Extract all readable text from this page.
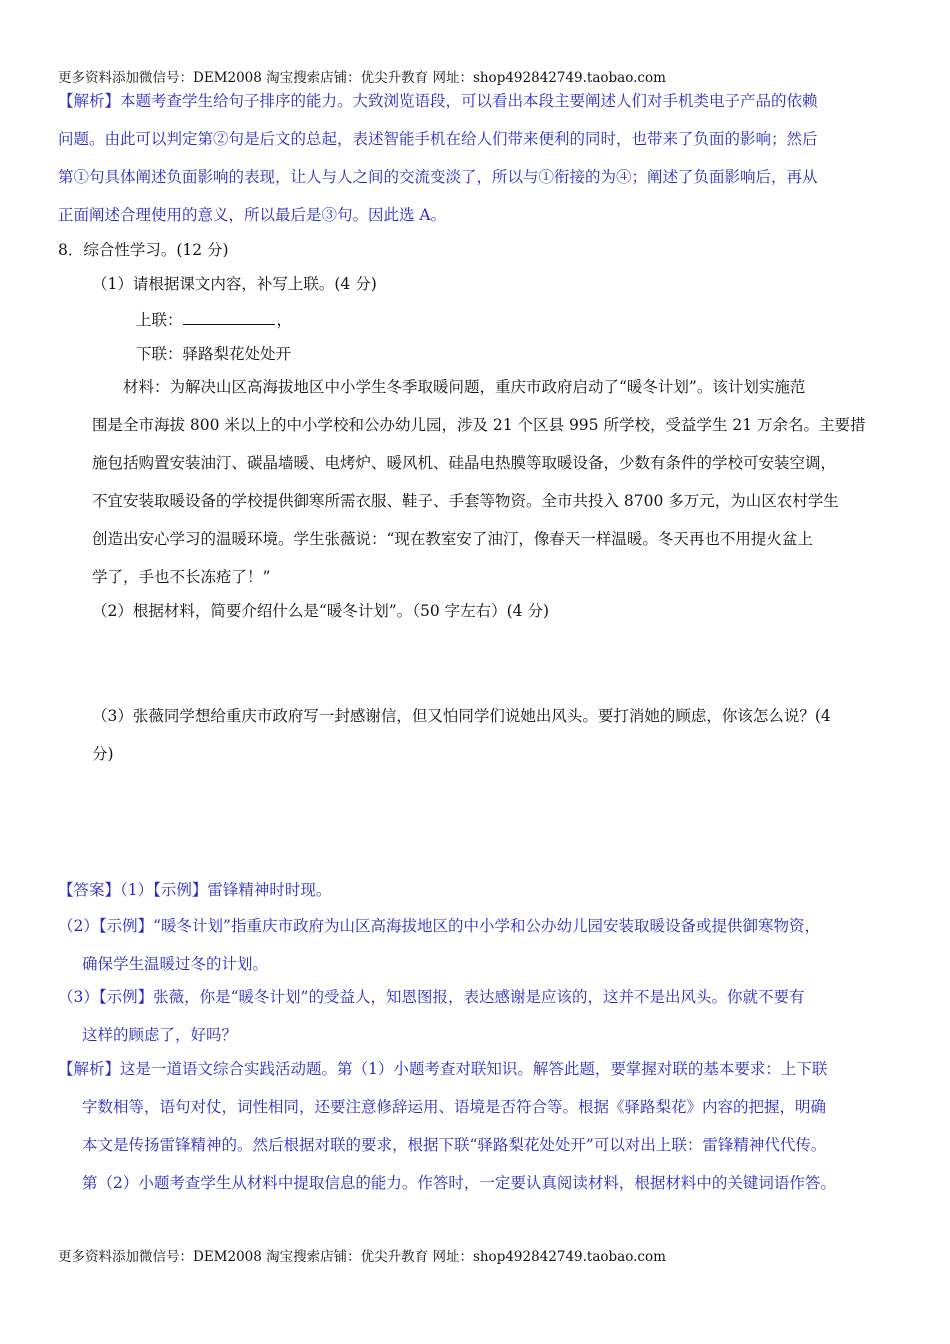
更多资料添加微信号：DEM2008 淘宝搜索店铺：优尖升教育 网址：shop492842749.taobao.com
【解析】本题考查学生给句子排序的能力。大致浏览语段，可以看出本段主要阐述人们对手机类电子产品的依赖
问题。由此可以判定第②句是后文的总起，表述智能手机在给人们带来便利的同时，也带来了负面的影响；然后
第①句具体阐述负面影响的表现，让人与人之间的交流变淡了，所以与①衔接的为④；阐述了负面影响后，再从
正面阐述合理使用的意义，所以最后是③句。因此选 A。
8．综合性学习。(12 分)
（1）请根据课文内容，补写上联。(4 分)
上联：	，
下联：驿路梨花处处开
材料：为解决山区高海拔地区中小学生冬季取暖问题，重庆市政府启动了“暖冬计划”。该计划实施范
围是全市海拔 800 米以上的中小学校和公办幼儿园，涉及 21 个区县 995 所学校，受益学生 21 万余名。主要措
施包括购置安装油汀、碳晶墙暖、电烤炉、暖风机、硅晶电热膜等取暖设备，少数有条件的学校可安装空调，
不宜安装取暖设备的学校提供御寒所需衣服、鞋子、手套等物资。全市共投入 8700 多万元，为山区农村学生
创造出安心学习的温暖环境。学生张薇说：“现在教室安了油汀，像春天一样温暖。冬天再也不用提火盆上
学了，手也不长冻疮了！”
（2）根据材料，简要介绍什么是“暖冬计划”。（50 字左右）(4 分)
（3）张薇同学想给重庆市政府写一封感谢信，但又怕同学们说她出风头。要打消她的顾虑，你该怎么说？(4
分)
【答案】（1）【示例】雷锋精神时时现。
（2）【示例】“暖冬计划”指重庆市政府为山区高海拔地区的中小学和公办幼儿园安装取暖设备或提供御寒物资，
确保学生温暖过冬的计划。
（3）【示例】张薇，你是“暖冬计划”的受益人，知恩图报，表达感谢是应该的，这并不是出风头。你就不要有
这样的顾虑了，好吗？
【解析】这是一道语文综合实践活动题。第（1）小题考查对联知识。解答此题，要掌握对联的基本要求：上下联
字数相等，语句对仗，词性相同，还要注意修辞运用、语境是否符合等。根据《驿路梨花》内容的把握，明确
本文是传扬雷锋精神的。然后根据对联的要求，根据下联“驿路梨花处处开”可以对出上联：雷锋精神代代传。
第（2）小题考查学生从材料中提取信息的能力。作答时，一定要认真阅读材料，根据材料中的关键词语作答。
更多资料添加微信号：DEM2008 淘宝搜索店铺：优尖升教育 网址：shop492842749.taobao.com
